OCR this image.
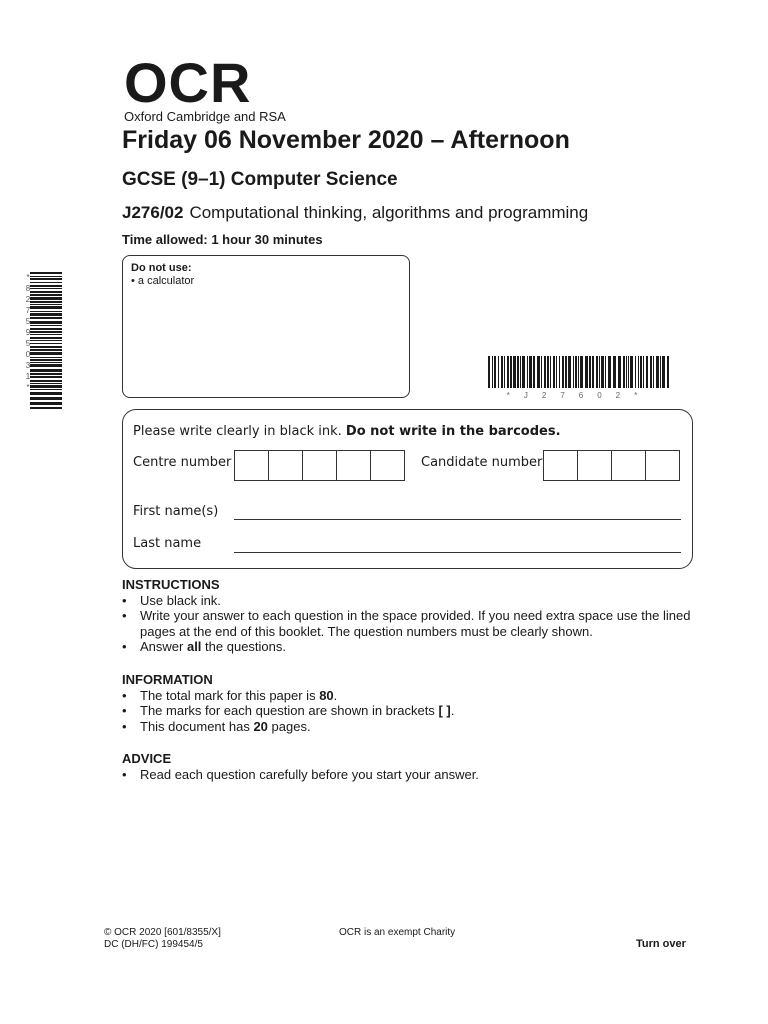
OCR
Oxford Cambridge and RSA
Friday 06 November 2020 – Afternoon
GCSE (9–1) Computer Science
J276/02 Computational thinking, algorithms and programming
Time allowed: 1 hour 30 minutes
Do not use:
• a calculator
*
8
2
7
5
9
5
0
3
1
*
*J27602*
Please write clearly in black ink. Do not write in the barcodes.
Centre number	Candidate number
First name(s)
Last name
INSTRUCTIONS
• Use black ink.
• Write your answer to each question in the space provided. If you need extra space use the lined pages at the end of this booklet. The question numbers must be clearly shown.
• Answer all the questions.
INFORMATION
• The total mark for this paper is 80.
• The marks for each question are shown in brackets [ ].
• This document has 20 pages.
ADVICE
• Read each question carefully before you start your answer.
© OCR 2020 [601/8355/X]
DC (DH/FC) 199454/5
OCR is an exempt Charity
Turn over
